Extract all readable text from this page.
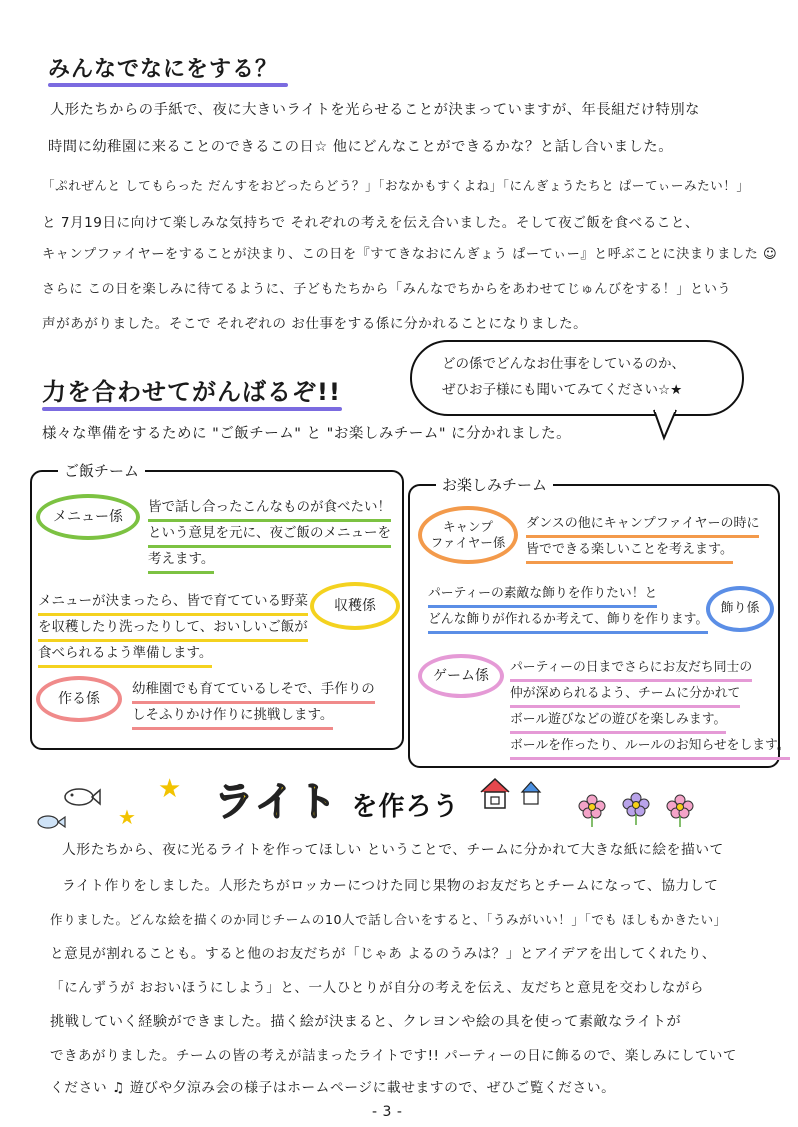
みんなでなにをする？
人形たちからの手紙で、夜に大きいライトを光らせることが決まっていますが、年長組だけ特別な
時間に幼稚園に来ることのできるこの日☆ 他にどんなことができるかな？と話し合いました。
「ぷれぜんと してもらった だんすをおどったらどう？」「おなかもすくよね」「にんぎょうたちと ぱーてぃーみたい！」
と 7月19日に向けて楽しみな気持ちで それぞれの考えを伝え合いました。そして夜ご飯を食べること、
キャンプファイヤーをすることが決まり、この日を『すてきなおにんぎょう ぱーてぃー』と呼ぶことに決まりました ☺
さらに この日を楽しみに待てるように、子どもたちから「みんなでちからをあわせてじゅんびをする！」という
声があがりました。そこで それぞれの お仕事をする係に分かれることになりました。
力を合わせてがんばるぞ!!
どの係でどんなお仕事をしているのか、
ぜひお子様にも聞いてみてください☆★
様々な準備をするために "ご飯チーム" と "お楽しみチーム" に分かれました。
ご飯チーム
メニュー係
皆で話し合ったこんなものが食べたい！
という意見を元に、夜ご飯のメニューを
考えます。
メニューが決まったら、皆で育てている野菜
を収穫したり洗ったりして、おいしいご飯が
食べられるよう準備します。
収穫係
作る係
幼稚園でも育てているしそで、手作りの
しそふりかけ作りに挑戦します。
お楽しみチーム
キャンプ
ファイヤー係
ダンスの他にキャンプファイヤーの時に
皆でできる楽しいことを考えます。
パーティーの素敵な飾りを作りたい！と
どんな飾りが作れるか考えて、飾りを作ります。
飾り係
ゲーム係
パーティーの日までさらにお友だち同士の
仲が深められるよう、チームに分かれて
ボール遊びなどの遊びを楽しみます。
ボールを作ったり、ルールのお知らせをします。
★
★ ライト を作ろう
人形たちから、夜に光るライトを作ってほしい ということで、チームに分かれて大きな紙に絵を描いて
ライト作りをしました。人形たちがロッカーにつけた同じ果物のお友だちとチームになって、協力して
作りました。どんな絵を描くのか同じチームの10人で話し合いをすると、「うみがいい！」「でも ほしもかきたい」
と意見が割れることも。すると他のお友だちが「じゃあ よるのうみは？」とアイデアを出してくれたり、
「にんずうが おおいほうにしよう」と、一人ひとりが自分の考えを伝え、友だちと意見を交わしながら
挑戦していく経験ができました。描く絵が決まると、クレヨンや絵の具を使って素敵なライトが
できあがりました。チームの皆の考えが詰まったライトです!! パーティーの日に飾るので、楽しみにしていて
ください ♫ 遊びや夕涼み会の様子はホームページに載せますので、ぜひご覧ください。
- 3 -
